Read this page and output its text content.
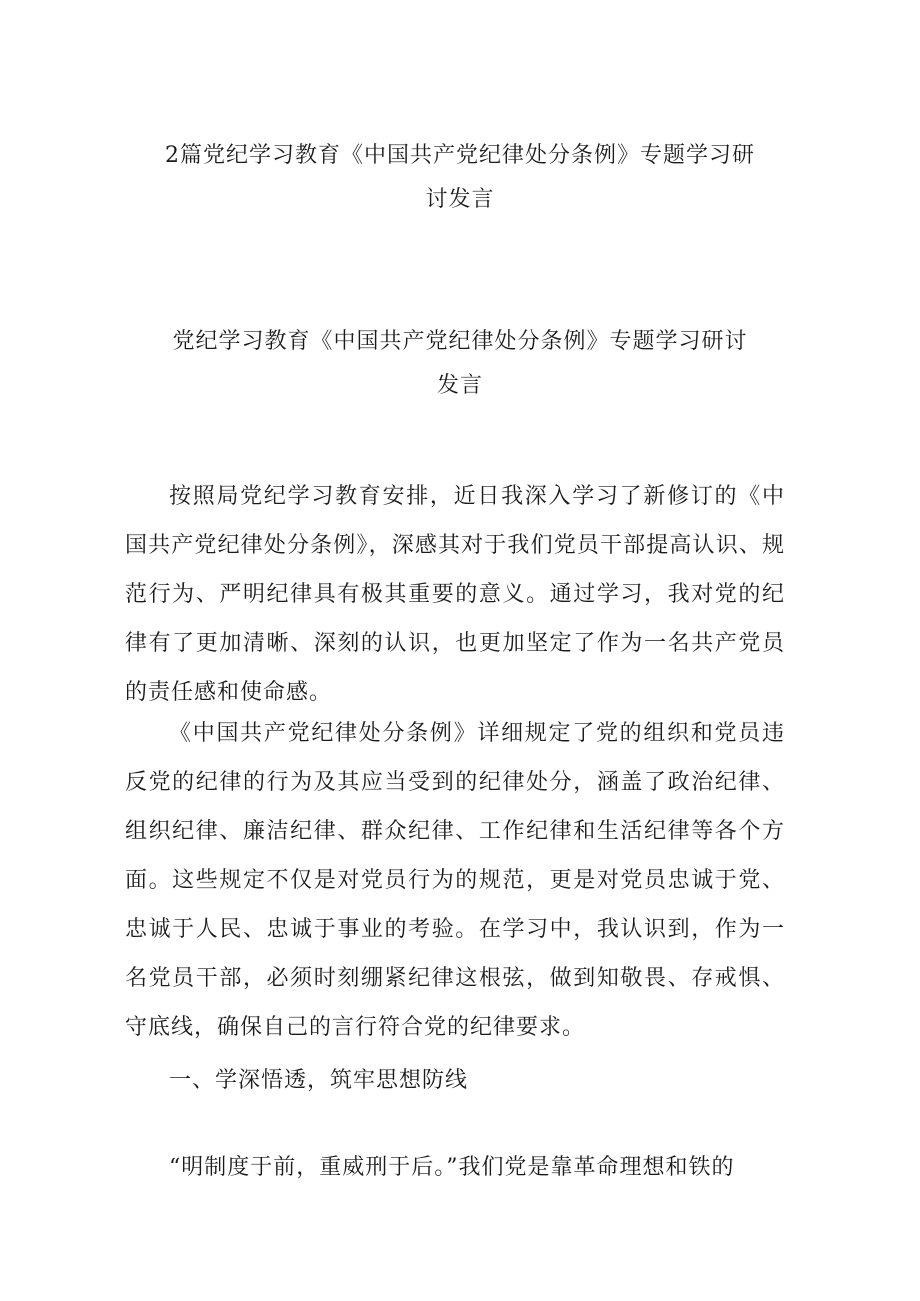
2篇党纪学习教育《中国共产党纪律处分条例》专题学习研
讨发言
党纪学习教育《中国共产党纪律处分条例》专题学习研讨
发言

按照局党纪学习教育安排，近日我深入学习了新修订的《中国共产党纪律处分条例》，深感其对于我们党员干部提高认识、规范行为、严明纪律具有极其重要的意义。通过学习，我对党的纪律有了更加清晰、深刻的认识，也更加坚定了作为一名共产党员的责任感和使命感。

《中国共产党纪律处分条例》详细规定了党的组织和党员违反党的纪律的行为及其应当受到的纪律处分，涵盖了政治纪律、组织纪律、廉洁纪律、群众纪律、工作纪律和生活纪律等各个方面。这些规定不仅是对党员行为的规范，更是对党员忠诚于党、忠诚于人民、忠诚于事业的考验。在学习中，我认识到，作为一名党员干部，必须时刻绷紧纪律这根弦，做到知敬畏、存戒惧、守底线，确保自己的言行符合党的纪律要求。

一、学深悟透，筑牢思想防线

“明制度于前，重威刑于后。”我们党是靠革命理想和铁的
